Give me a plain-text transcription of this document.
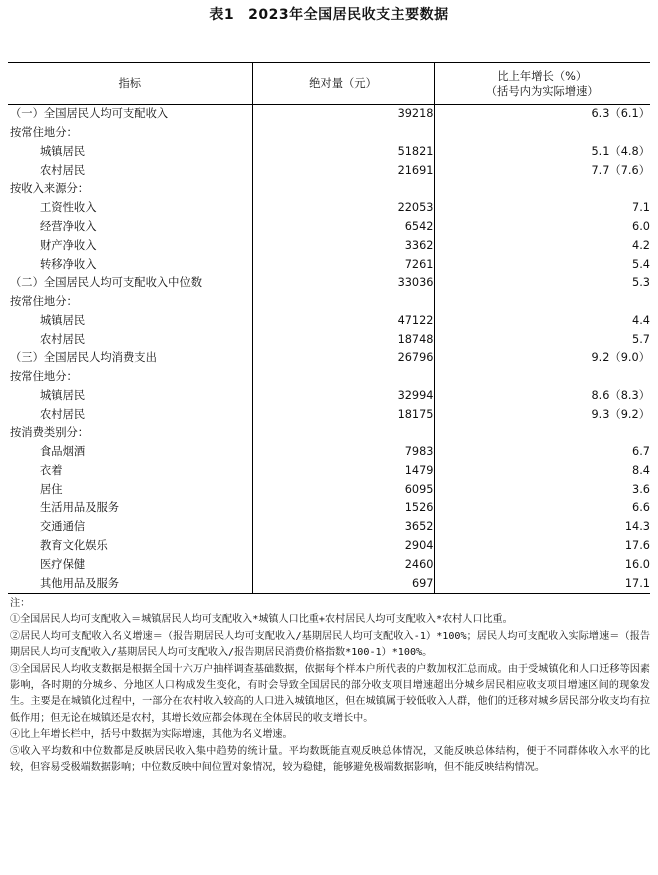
表1 2023年全国居民收支主要数据
指标	绝对量（元）	比上年增长（%）
（括号内为实际增速）

（一）全国居民人均可支配收入	39218	6.3（6.1）
按常住地分：		
城镇居民	51821	5.1（4.8）
农村居民	21691	7.7（7.6）
按收入来源分：		
工资性收入	22053	7.1
经营净收入	6542	6.0
财产净收入	3362	4.2
转移净收入	7261	5.4
（二）全国居民人均可支配收入中位数	33036	5.3
按常住地分：		
城镇居民	47122	4.4
农村居民	18748	5.7
（三）全国居民人均消费支出	26796	9.2（9.0）
按常住地分：		
城镇居民	32994	8.6（8.3）
农村居民	18175	9.3（9.2）
按消费类别分：		
食品烟酒	7983	6.7
衣着	1479	8.4
居住	6095	3.6
生活用品及服务	1526	6.6
交通通信	3652	14.3
教育文化娱乐	2904	17.6
医疗保健	2460	16.0
其他用品及服务	697	17.1

注：

①全国居民人均可支配收入＝城镇居民人均可支配收入*城镇人口比重+农村居民人均可支配收入*农村人口比重。

②居民人均可支配收入名义增速＝（报告期居民人均可支配收入/基期居民人均可支配收入-1）*100%；居民人均可支配收入实际增速＝（报告期居民人均可支配收入/基期居民人均可支配收入/报告期居民消费价格指数*100-1）*100%。

③全国居民人均收支数据是根据全国十六万户抽样调查基础数据，依据每个样本户所代表的户数加权汇总而成。由于受城镇化和人口迁移等因素影响，各时期的分城乡、分地区人口构成发生变化，有时会导致全国居民的部分收支项目增速超出分城乡居民相应收支项目增速区间的现象发生。主要是在城镇化过程中，一部分在农村收入较高的人口进入城镇地区，但在城镇属于较低收入人群，他们的迁移对城乡居民部分收支均有拉低作用；但无论在城镇还是农村，其增长效应都会体现在全体居民的收支增长中。

④比上年增长栏中，括号中数据为实际增速，其他为名义增速。

⑤收入平均数和中位数都是反映居民收入集中趋势的统计量。平均数既能直观反映总体情况，又能反映总体结构，便于不同群体收入水平的比较，但容易受极端数据影响；中位数反映中间位置对象情况，较为稳健，能够避免极端数据影响，但不能反映结构情况。
